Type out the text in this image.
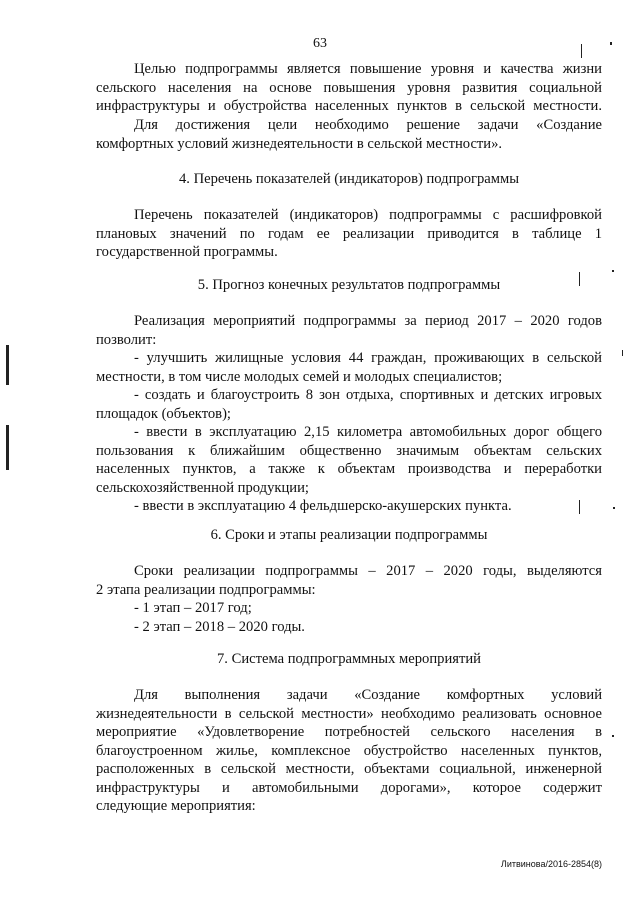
63
Целью подпрограммы является повышение уровня и качества жизни
сельского населения на основе повышения уровня развития социальной
инфраструктуры и обустройства населенных пунктов в сельской местности.
Для достижения цели необходимо решение задачи «Создание
комфортных условий жизнедеятельности в сельской местности».
4. Перечень показателей (индикаторов) подпрограммы
Перечень показателей (индикаторов) подпрограммы с расшифровкой
плановых значений по годам ее реализации приводится в таблице 1
государственной программы.
5. Прогноз конечных результатов подпрограммы
Реализация мероприятий подпрограммы за период 2017 – 2020 годов
позволит:
- улучшить жилищные условия 44 граждан, проживающих в сельской
местности, в том числе молодых семей и молодых специалистов;
- создать и благоустроить 8 зон отдыха, спортивных и детских игровых
площадок (объектов);
- ввести в эксплуатацию 2,15 километра автомобильных дорог общего
пользования к ближайшим общественно значимым объектам сельских
населенных пунктов, а также к объектам производства и переработки
сельскохозяйственной продукции;
- ввести в эксплуатацию 4 фельдшерско-акушерских пункта.
6. Сроки и этапы реализации подпрограммы
Сроки реализации подпрограммы – 2017 – 2020 годы, выделяются
2 этапа реализации подпрограммы:
- 1 этап – 2017 год;
- 2 этап – 2018 – 2020 годы.
7. Система подпрограммных мероприятий
Для выполнения задачи «Создание комфортных условий
жизнедеятельности в сельской местности» необходимо реализовать основное
мероприятие «Удовлетворение потребностей сельского населения в
благоустроенном жилье, комплексное обустройство населенных пунктов,
расположенных в сельской местности, объектами социальной, инженерной
инфраструктуры и автомобильными дорогами», которое содержит
следующие мероприятия:
Литвинова/2016-2854(8)
